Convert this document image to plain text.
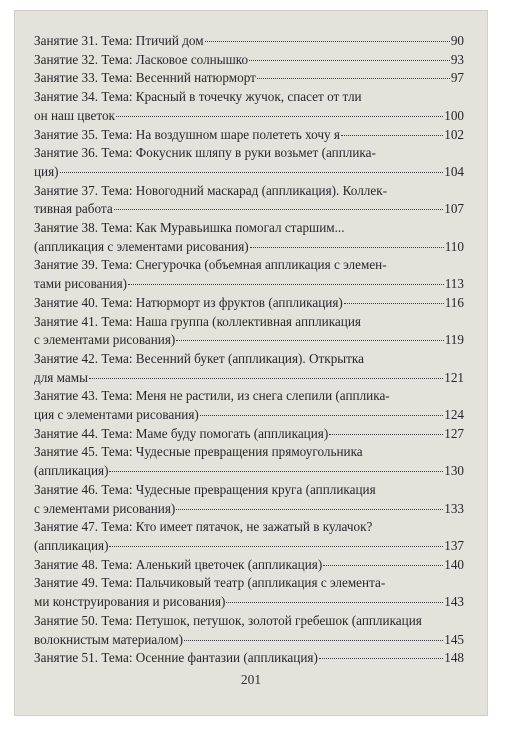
Занятие 31. Тема: Птичий дом	90
Занятие 32. Тема: Ласковое солнышко	93
Занятие 33. Тема: Весенний натюрморт	97
Занятие 34. Тема: Красный в точечку жучок, спасет от тли
он наш цветок	100
Занятие 35. Тема: На воздушном шаре полететь хочу я	102
Занятие 36. Тема: Фокусник шляпу в руки возьмет (апплика-
ция)	104
Занятие 37. Тема: Новогодний маскарад (аппликация). Коллек-
тивная работа	107
Занятие 38. Тема: Как Муравьишка помогал старшим...
(аппликация с элементами рисования)	110
Занятие 39. Тема: Снегурочка (объемная аппликация с элемен-
тами рисования)	113
Занятие 40. Тема: Натюрморт из фруктов (аппликация)	116
Занятие 41. Тема: Наша группа (коллективная аппликация
с элементами рисования)	119
Занятие 42. Тема: Весенний букет (аппликация). Открытка
для мамы	121
Занятие 43. Тема: Меня не растили, из снега слепили (апплика-
ция с элементами рисования)	124
Занятие 44. Тема: Маме буду помогать (аппликация)	127
Занятие 45. Тема: Чудесные превращения прямоугольника
(аппликация)	130
Занятие 46. Тема: Чудесные превращения круга (аппликация
с элементами рисования)	133
Занятие 47. Тема: Кто имеет пятачок, не зажатый в кулачок?
(аппликация)	137
Занятие 48. Тема: Аленький цветочек (аппликация)	140
Занятие 49. Тема: Пальчиковый театр (аппликация с элемента-
ми конструирования и рисования)	143
Занятие 50. Тема: Петушок, петушок, золотой гребешок (аппликация
волокнистым материалом)	145
Занятие 51. Тема: Осенние фантазии (аппликация)	148
201
